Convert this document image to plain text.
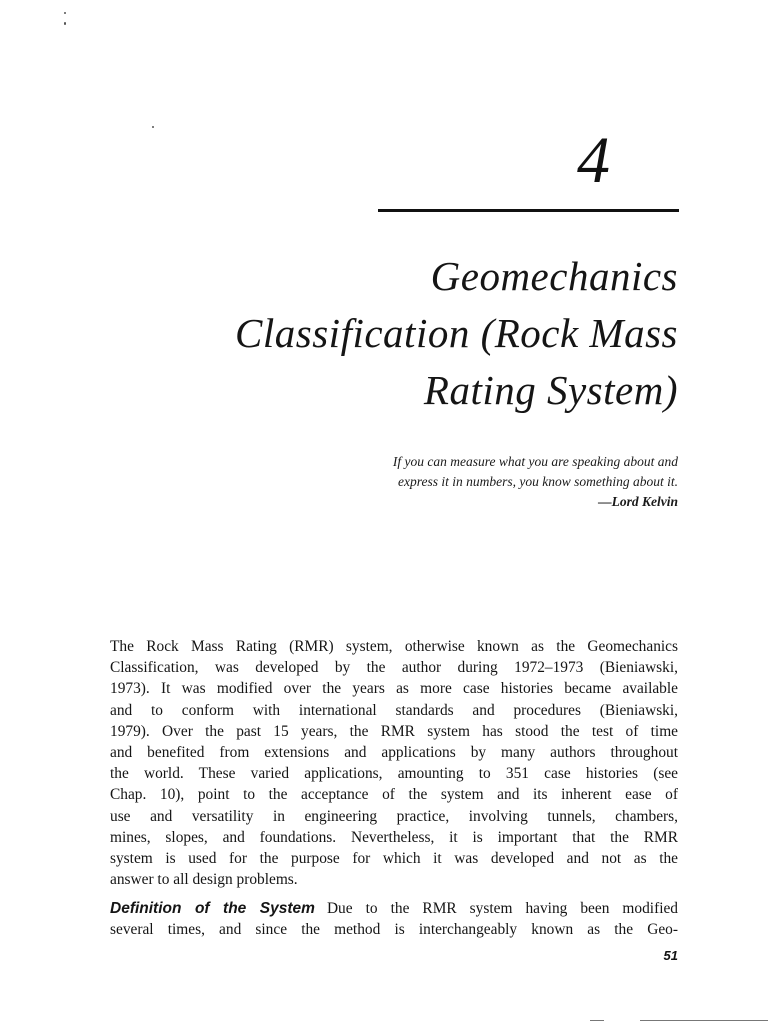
4
Geomechanics
Classification (Rock Mass
Rating System)
If you can measure what you are speaking about and
express it in numbers, you know something about it.
—Lord Kelvin
The Rock Mass Rating (RMR) system, otherwise known as the Geomechanics
Classification, was developed by the author during 1972–1973 (Bieniawski,
1973). It was modified over the years as more case histories became available
and to conform with international standards and procedures (Bieniawski,
1979). Over the past 15 years, the RMR system has stood the test of time
and benefited from extensions and applications by many authors throughout
the world. These varied applications, amounting to 351 case histories (see
Chap. 10), point to the acceptance of the system and its inherent ease of
use and versatility in engineering practice, involving tunnels, chambers,
mines, slopes, and foundations. Nevertheless, it is important that the RMR
system is used for the purpose for which it was developed and not as the
answer to all design problems.
Definition of the System Due to the RMR system having been modified
several times, and since the method is interchangeably known as the Geo-
51
